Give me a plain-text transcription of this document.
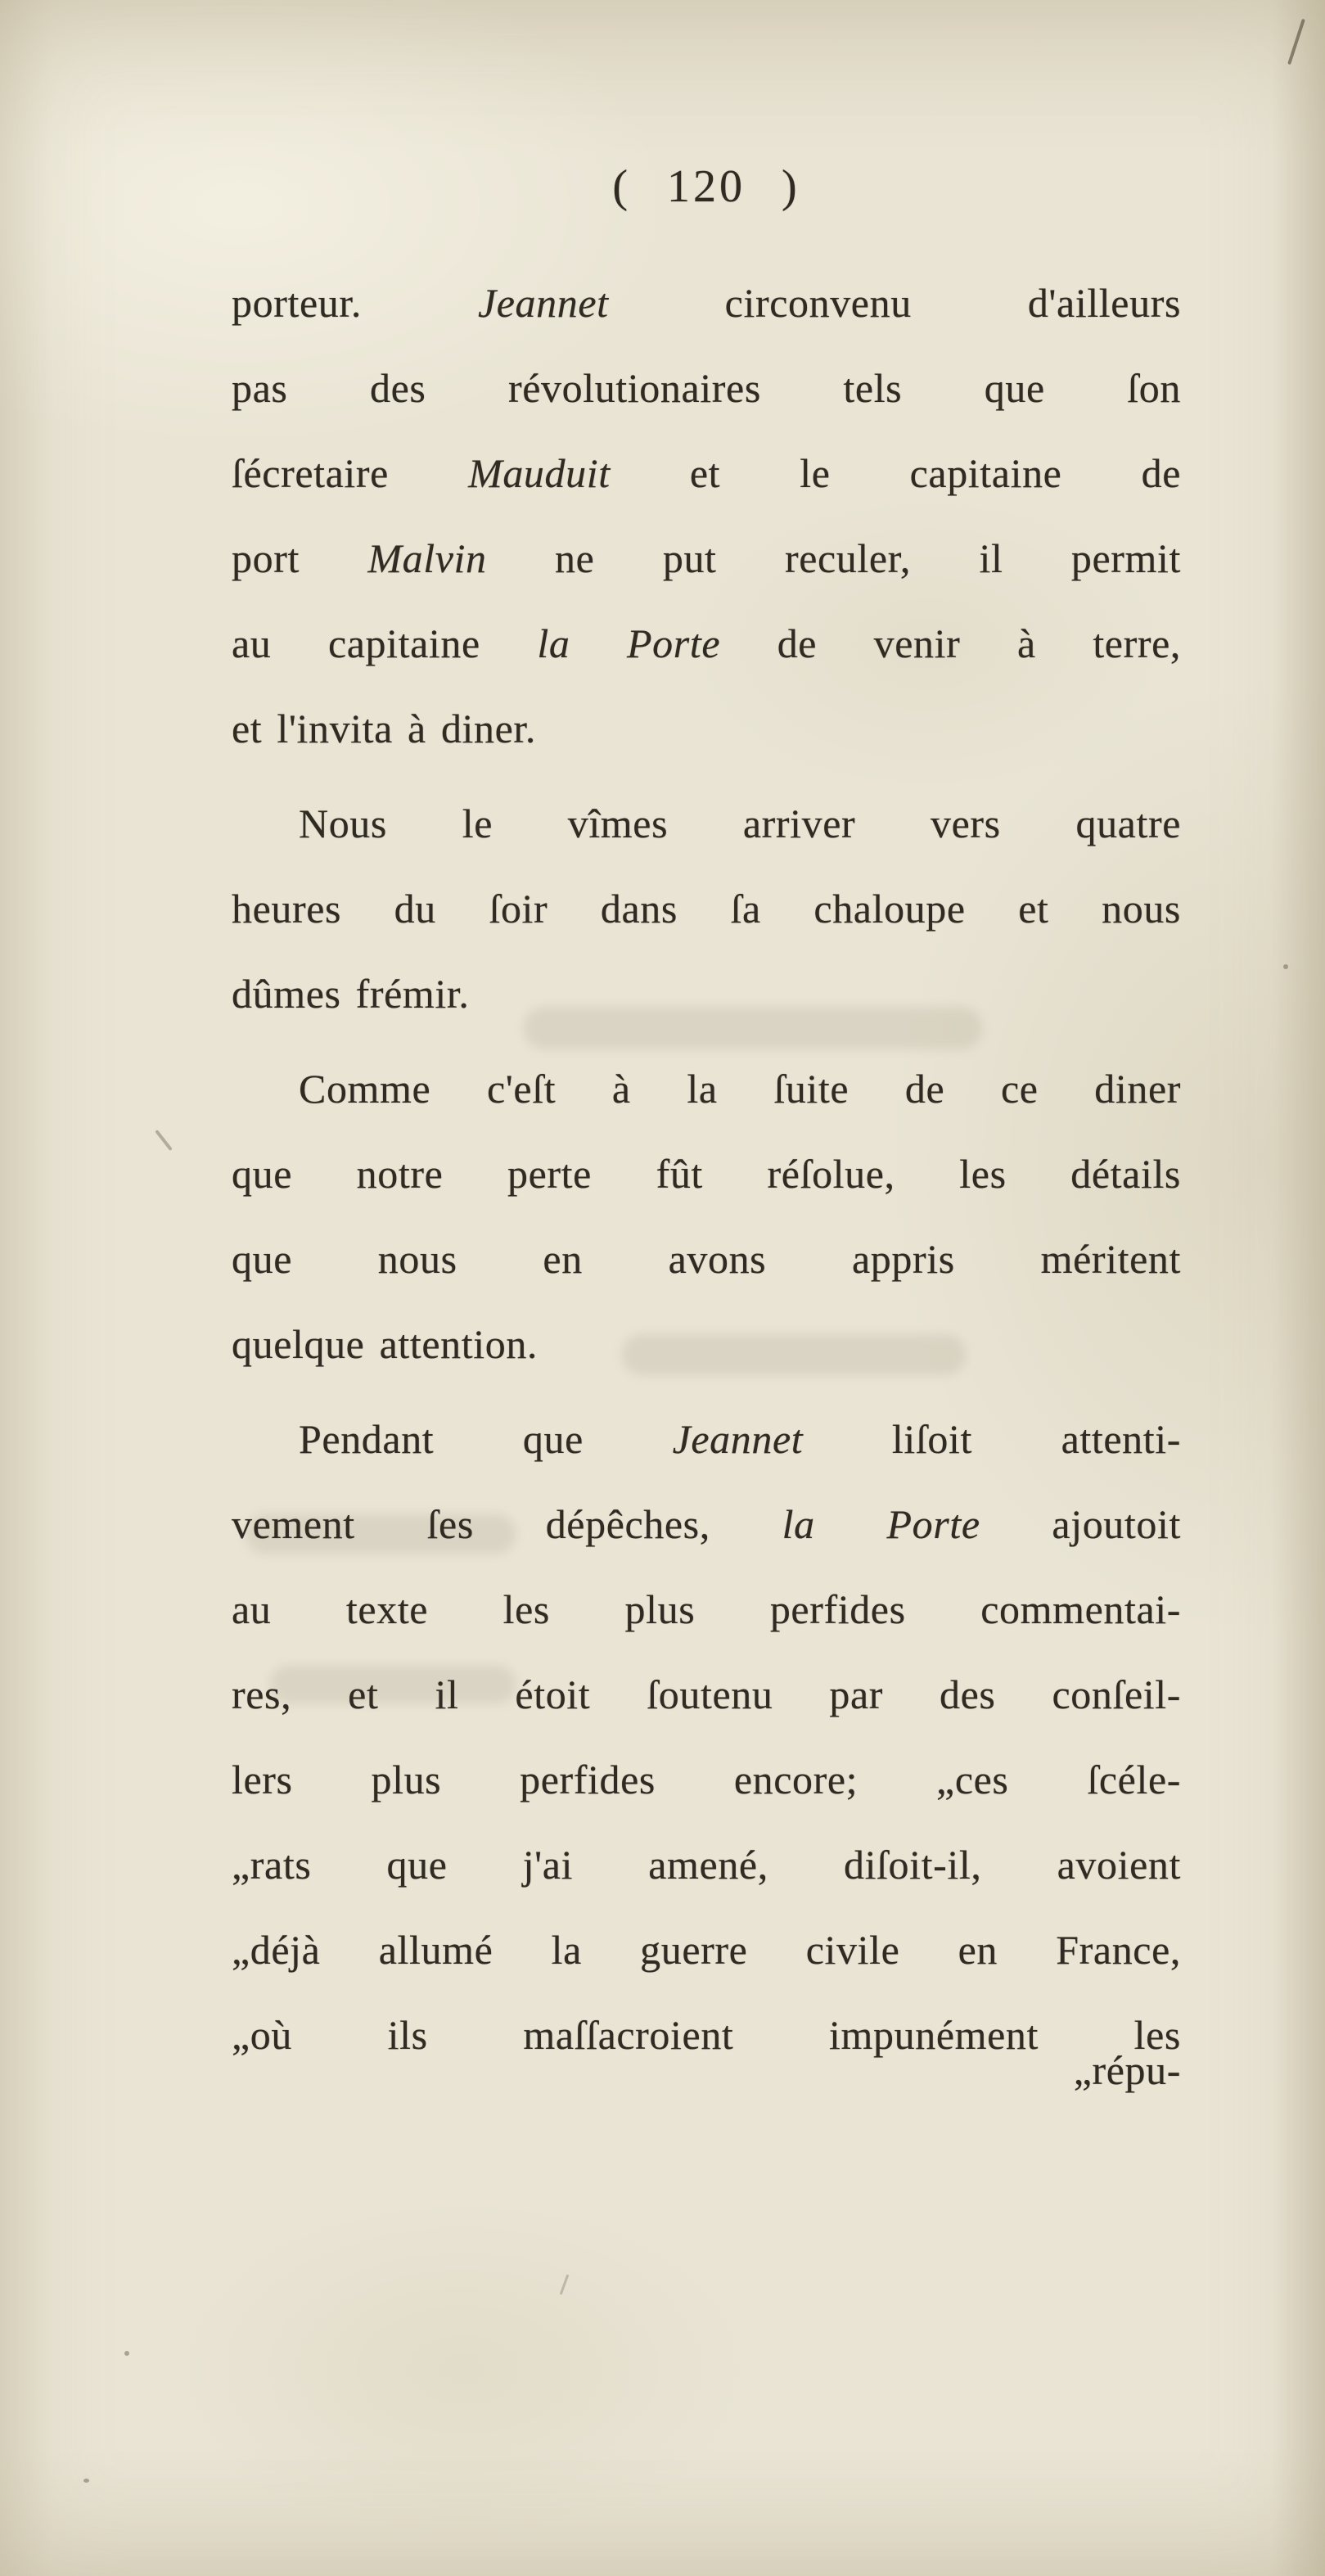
( 120 )
porteur. Jeannet circonvenu d'ailleurs
pas des révolutionaires tels que ſon
ſécretaire Mauduit et le capitaine de
port Malvin ne put reculer, il permit
au capitaine la Porte de venir à terre,
et l'invita à diner.
Nous le vîmes arriver vers quatre
heures du ſoir dans ſa chaloupe et nous
dûmes frémir.
Comme c'eſt à la ſuite de ce diner
que notre perte fût réſolue, les détails
que nous en avons appris méritent
quelque attention.
Pendant que Jeannet liſoit attenti-
vement ſes dépêches, la Porte ajoutoit
au texte les plus perfides commentai-
res, et il étoit ſoutenu par des conſeil-
lers plus perfides encore; „ces ſcéle-
„rats que j'ai amené, diſoit-il, avoient
„déjà allumé la guerre civile en France,
„où ils maſſacroient impunément les
„répu-
